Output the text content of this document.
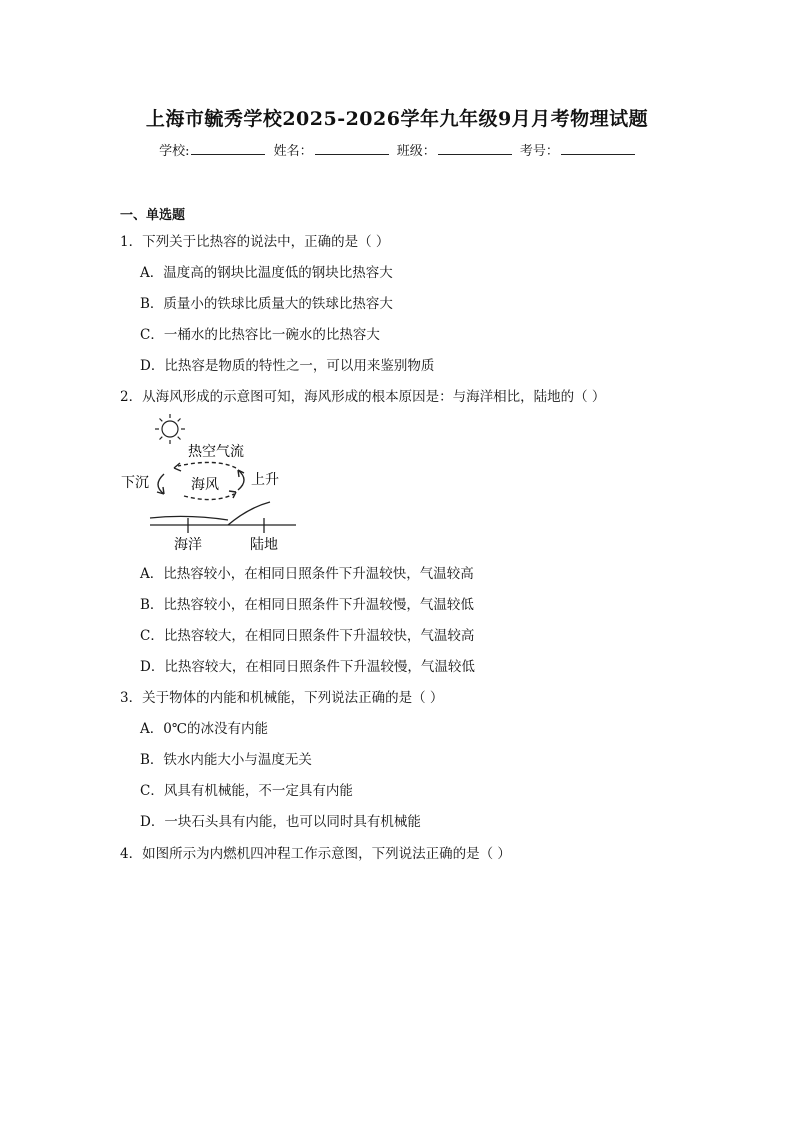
上海市毓秀学校2025-2026学年九年级9月月考物理试题
学校:	姓名：	班级：	考号：
一、单选题
1．下列关于比热容的说法中，正确的是（ ）
A．温度高的钢块比温度低的钢块比热容大
B．质量小的铁球比质量大的铁球比热容大
C．一桶水的比热容比一碗水的比热容大
D．比热容是物质的特性之一，可以用来鉴别物质
2．从海风形成的示意图可知，海风形成的根本原因是：与海洋相比，陆地的（ ）
热空气流
下沉	海风 上升
海洋	陆地
A．比热容较小，在相同日照条件下升温较快，气温较高
B．比热容较小，在相同日照条件下升温较慢，气温较低
C．比热容较大，在相同日照条件下升温较快，气温较高
D．比热容较大，在相同日照条件下升温较慢，气温较低
3．关于物体的内能和机械能，下列说法正确的是（ ）
A．0℃的冰没有内能
B．铁水内能大小与温度无关
C．风具有机械能，不一定具有内能
D．一块石头具有内能，也可以同时具有机械能
4．如图所示为内燃机四冲程工作示意图，下列说法正确的是（ ）
